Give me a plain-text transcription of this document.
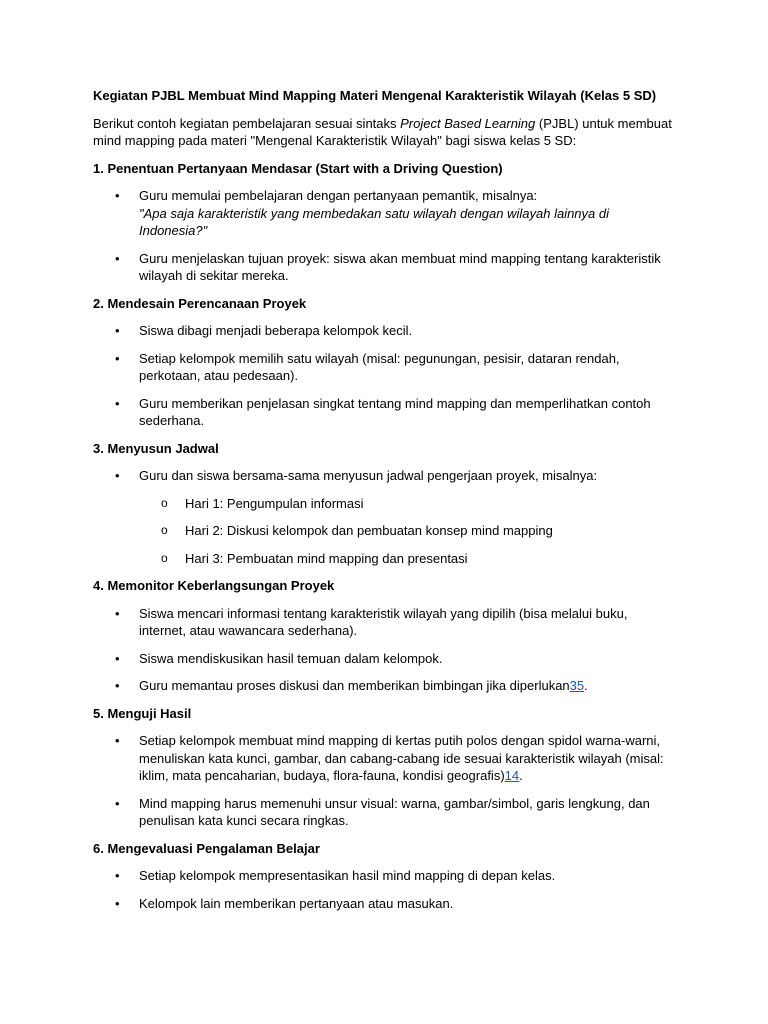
Kegiatan PJBL Membuat Mind Mapping Materi Mengenal Karakteristik Wilayah (Kelas 5 SD)

Berikut contoh kegiatan pembelajaran sesuai sintaks Project Based Learning (PJBL) untuk membuat mind mapping pada materi "Mengenal Karakteristik Wilayah" bagi siswa kelas 5 SD:

1. Penentuan Pertanyaan Mendasar (Start with a Driving Question)

•	Guru memulai pembelajaran dengan pertanyaan pemantik, misalnya:
"Apa saja karakteristik yang membedakan satu wilayah dengan wilayah lainnya di Indonesia?"
•	Guru menjelaskan tujuan proyek: siswa akan membuat mind mapping tentang karakteristik wilayah di sekitar mereka.

2. Mendesain Perencanaan Proyek

•	Siswa dibagi menjadi beberapa kelompok kecil.
•	Setiap kelompok memilih satu wilayah (misal: pegunungan, pesisir, dataran rendah, perkotaan, atau pedesaan).
•	Guru memberikan penjelasan singkat tentang mind mapping dan memperlihatkan contoh sederhana.

3. Menyusun Jadwal

•	Guru dan siswa bersama-sama menyusun jadwal pengerjaan proyek, misalnya:
o Hari 1: Pengumpulan informasi
o Hari 2: Diskusi kelompok dan pembuatan konsep mind mapping
o Hari 3: Pembuatan mind mapping dan presentasi

4. Memonitor Keberlangsungan Proyek

•	Siswa mencari informasi tentang karakteristik wilayah yang dipilih (bisa melalui buku, internet, atau wawancara sederhana).
•	Siswa mendiskusikan hasil temuan dalam kelompok.
•	Guru memantau proses diskusi dan memberikan bimbingan jika diperlukan35.

5. Menguji Hasil

•	Setiap kelompok membuat mind mapping di kertas putih polos dengan spidol warna-warni, menuliskan kata kunci, gambar, dan cabang-cabang ide sesuai karakteristik wilayah (misal: iklim, mata pencaharian, budaya, flora-fauna, kondisi geografis)14.
•	Mind mapping harus memenuhi unsur visual: warna, gambar/simbol, garis lengkung, dan penulisan kata kunci secara ringkas.

6. Mengevaluasi Pengalaman Belajar

•	Setiap kelompok mempresentasikan hasil mind mapping di depan kelas.
•	Kelompok lain memberikan pertanyaan atau masukan.
